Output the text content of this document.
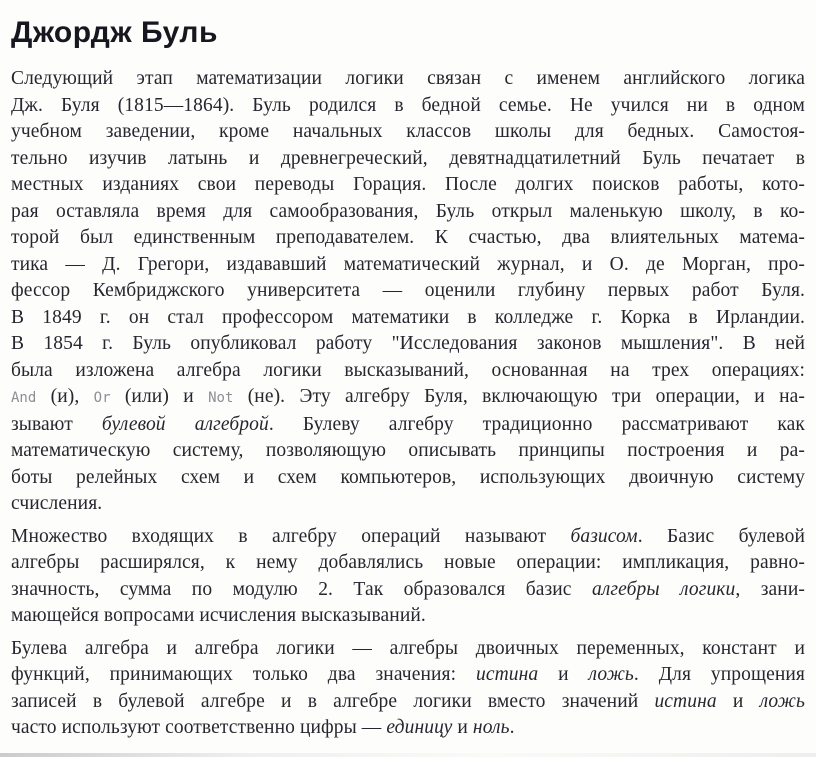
Джордж Буль

Следующий этап математизации логики связан с именем английского логика
Дж. Буля (1815—1864). Буль родился в бедной семье. Не учился ни в одном
учебном заведении, кроме начальных классов школы для бедных. Самостоя-
тельно изучив латынь и древнегреческий, девятнадцатилетний Буль печатает в
местных изданиях свои переводы Горация. После долгих поисков работы, кото-
рая оставляла время для самообразования, Буль открыл маленькую школу, в ко-
торой был единственным преподавателем. К счастью, два влиятельных матема-
тика — Д. Грегори, издававший математический журнал, и О. де Морган, про-
фессор Кембриджского университета — оценили глубину первых работ Буля.
В 1849 г. он стал профессором математики в колледже г. Корка в Ирландии.
В 1854 г. Буль опубликовал работу "Исследования законов мышления". В ней
была изложена алгебра логики высказываний, основанная на трех операциях:
And (и), Or (или) и Not (не). Эту алгебру Буля, включающую три операции, и на-
зывают булевой алгеброй. Булеву алгебру традиционно рассматривают как
математическую систему, позволяющую описывать принципы построения и ра-
боты релейных схем и схем компьютеров, использующих двоичную систему
счисления.

Множество входящих в алгебру операций называют базисом. Базис булевой
алгебры расширялся, к нему добавлялись новые операции: импликация, равно-
значность, сумма по модулю 2. Так образовался базис алгебры логики, зани-
мающейся вопросами исчисления высказываний.

Булева алгебра и алгебра логики — алгебры двоичных переменных, констант и
функций, принимающих только два значения: истина и ложь. Для упрощения
записей в булевой алгебре и в алгебре логики вместо значений истина и ложь
часто используют соответственно цифры — единицу и ноль.
